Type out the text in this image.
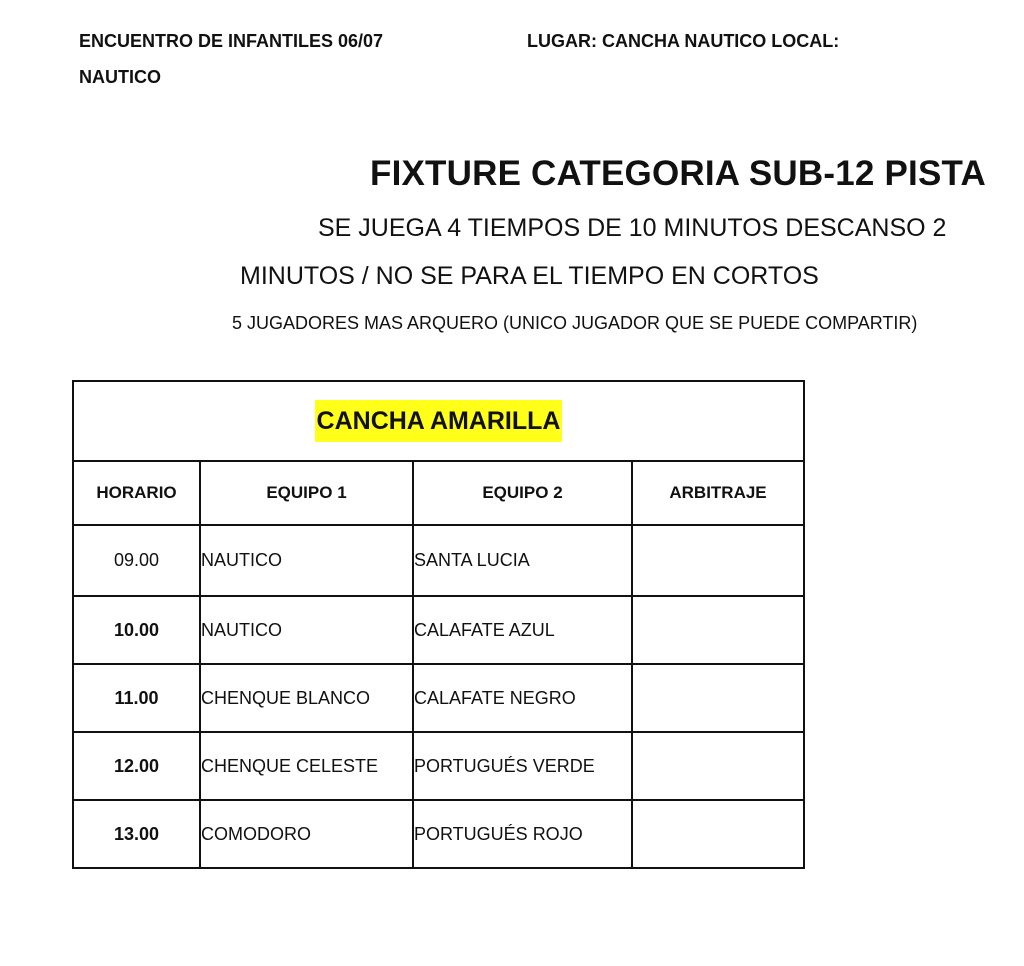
ENCUENTRO DE INFANTILES 06/07
NAUTICO
LUGAR: CANCHA NAUTICO LOCAL:
FIXTURE CATEGORIA SUB-12 PISTA
SE JUEGA 4 TIEMPOS DE 10 MINUTOS DESCANSO 2
MINUTOS / NO SE PARA EL TIEMPO EN CORTOS
5 JUGADORES MAS ARQUERO (UNICO JUGADOR QUE SE PUEDE COMPARTIR)
CANCHA AMARILLA			
HORARIO	EQUIPO 1	EQUIPO 2	ARBITRAJE
09.00	NAUTICO	SANTA LUCIA	
10.00	NAUTICO	CALAFATE AZUL	
11.00	CHENQUE BLANCO	CALAFATE NEGRO	
12.00	CHENQUE CELESTE	PORTUGUÉS VERDE	
13.00	COMODORO	PORTUGUÉS ROJO	
